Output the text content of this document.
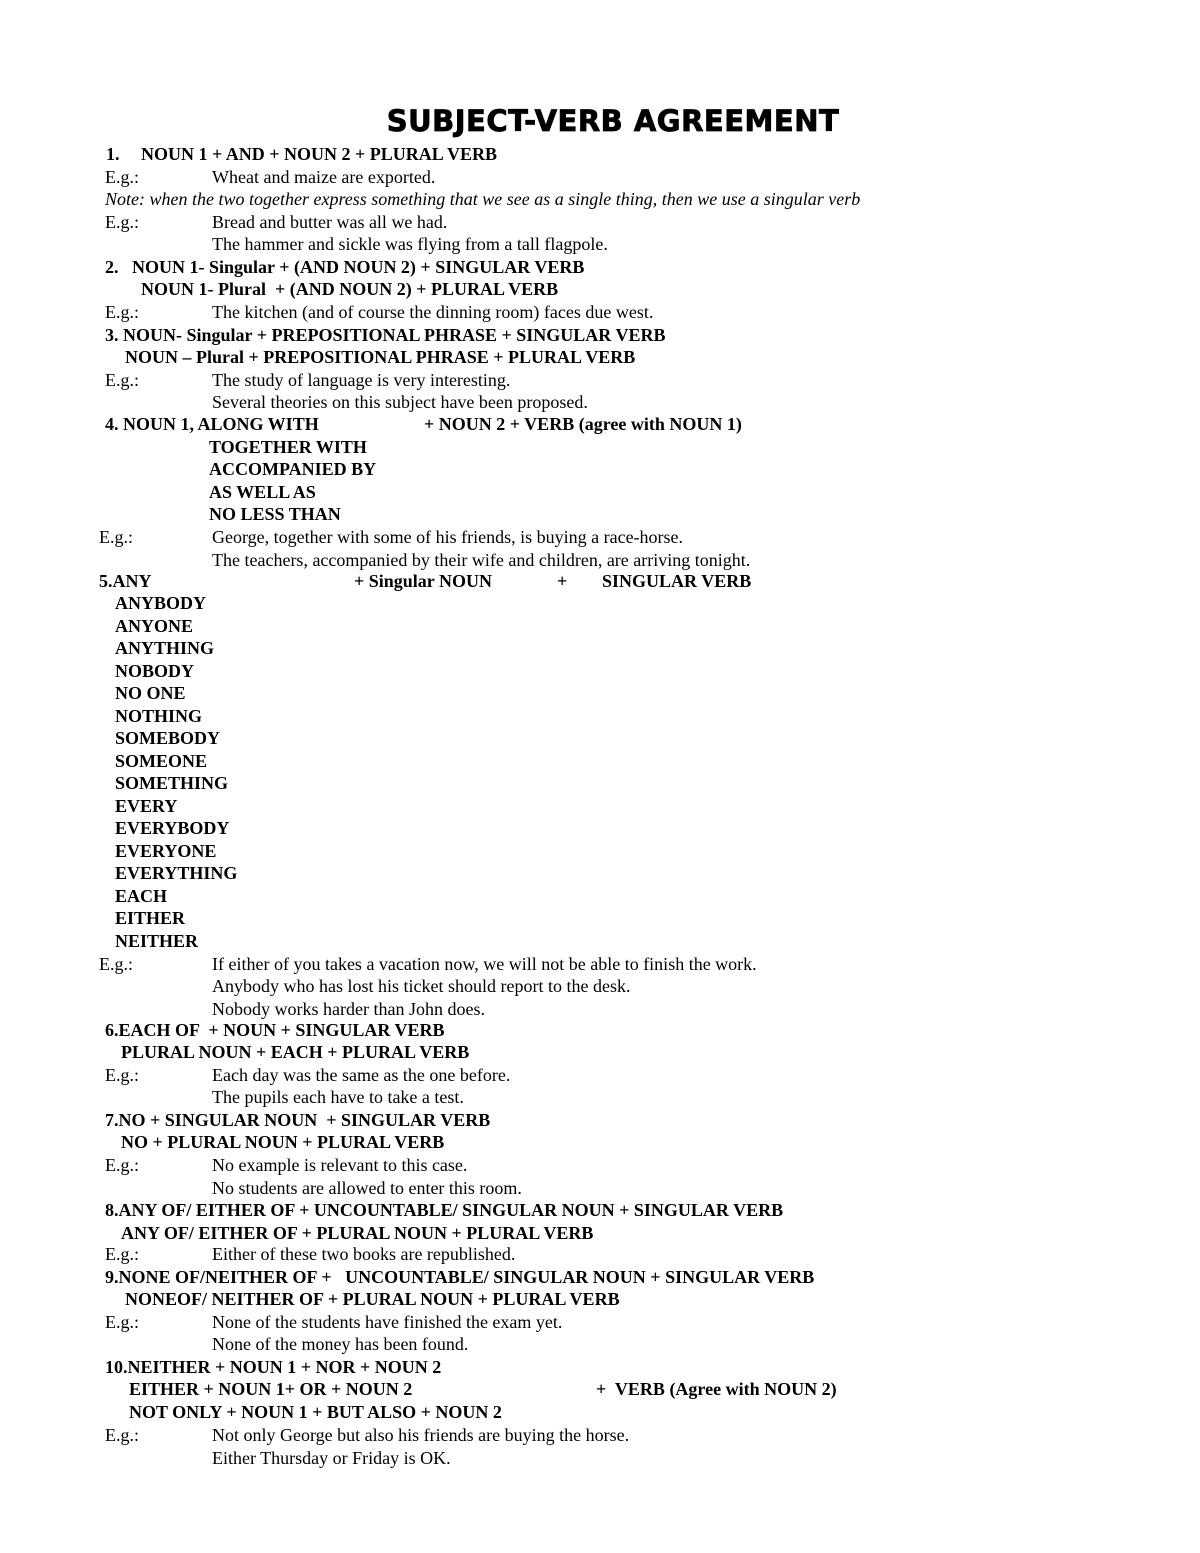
SUBJECT-VERB AGREEMENT
1. NOUN 1 + AND + NOUN 2 + PLURAL VERB
E.g.:	Wheat and maize are exported.
Note: when the two together express something that we see as a single thing, then we use a singular verb
E.g.:	Bread and butter was all we had.
The hammer and sickle was flying from a tall flagpole.
2.   NOUN 1- Singular + (AND NOUN 2) + SINGULAR VERB
NOUN 1- Plural  + (AND NOUN 2) + PLURAL VERB
E.g.:	The kitchen (and of course the dinning room) faces due west.
3. NOUN- Singular + PREPOSITIONAL PHRASE + SINGULAR VERB
NOUN – Plural + PREPOSITIONAL PHRASE + PLURAL VERB
E.g.:	The study of language is very interesting.
Several theories on this subject have been proposed.
4. NOUN 1, ALONG WITH	+ NOUN 2 + VERB (agree with NOUN 1)
TOGETHER WITH
ACCOMPANIED BY
AS WELL AS
NO LESS THAN
E.g.:	George, together with some of his friends, is buying a race-horse.
The teachers, accompanied by their wife and children, are arriving tonight.
5.ANY	+ Singular NOUN	+ SINGULAR VERB
ANYBODY
ANYONE
ANYTHING
NOBODY
NO ONE
NOTHING
SOMEBODY
SOMEONE
SOMETHING
EVERY
EVERYBODY
EVERYONE
EVERYTHING
EACH
EITHER
NEITHER
E.g.:	If either of you takes a vacation now, we will not be able to finish the work.
Anybody who has lost his ticket should report to the desk.
Nobody works harder than John does.
6.EACH OF  + NOUN + SINGULAR VERB
PLURAL NOUN + EACH + PLURAL VERB
E.g.:	Each day was the same as the one before.
The pupils each have to take a test.
7.NO + SINGULAR NOUN  + SINGULAR VERB
NO + PLURAL NOUN + PLURAL VERB
E.g.:	No example is relevant to this case.
No students are allowed to enter this room.
8.ANY OF/ EITHER OF + UNCOUNTABLE/ SINGULAR NOUN + SINGULAR VERB
ANY OF/ EITHER OF + PLURAL NOUN + PLURAL VERB
E.g.:	Either of these two books are republished.
9.NONE OF/NEITHER OF +   UNCOUNTABLE/ SINGULAR NOUN + SINGULAR VERB
NONEOF/ NEITHER OF + PLURAL NOUN + PLURAL VERB
E.g.:	None of the students have finished the exam yet.
None of the money has been found.
10.NEITHER + NOUN 1 + NOR + NOUN 2
EITHER + NOUN 1+ OR + NOUN 2	+  VERB (Agree with NOUN 2)
NOT ONLY + NOUN 1 + BUT ALSO + NOUN 2
E.g.:	Not only George but also his friends are buying the horse.
Either Thursday or Friday is OK.
